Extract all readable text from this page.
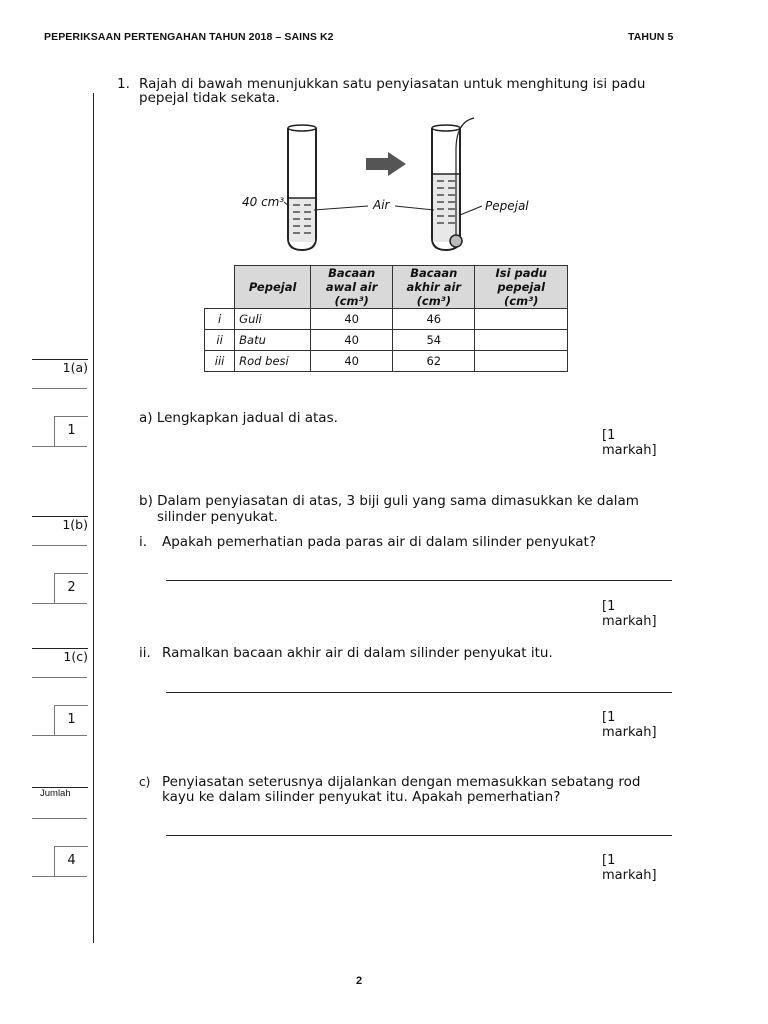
PEPERIKSAAN PERTENGAHAN TAHUN 2018 – SAINS K2	TAHUN 5
1. Rajah di bawah menunjukkan satu penyiasatan untuk menghitung isi padu
pepejal tidak sekata.
40 cm³	Air	Pepejal
	Pepejal	Bacaan awal air (cm³)	Bacaan akhir air (cm³)	Isi padu pepejal (cm³)
i	Guli	40	46	
ii	Batu	40	54	
iii	Rod besi	40	62	
1(a)
1
1(b)
2
1(c)
1
Jumlah
4
a) Lengkapkan jadual di atas.
[1
markah]
b) Dalam penyiasatan di atas, 3 biji guli yang sama dimasukkan ke dalam
silinder penyukat.
i. Apakah pemerhatian pada paras air di dalam silinder penyukat?
[1
markah]
ii. Ramalkan bacaan akhir air di dalam silinder penyukat itu.
[1
markah]
c) Penyiasatan seterusnya dijalankan dengan memasukkan sebatang rod
kayu ke dalam silinder penyukat itu. Apakah pemerhatian?
[1
markah]
2
